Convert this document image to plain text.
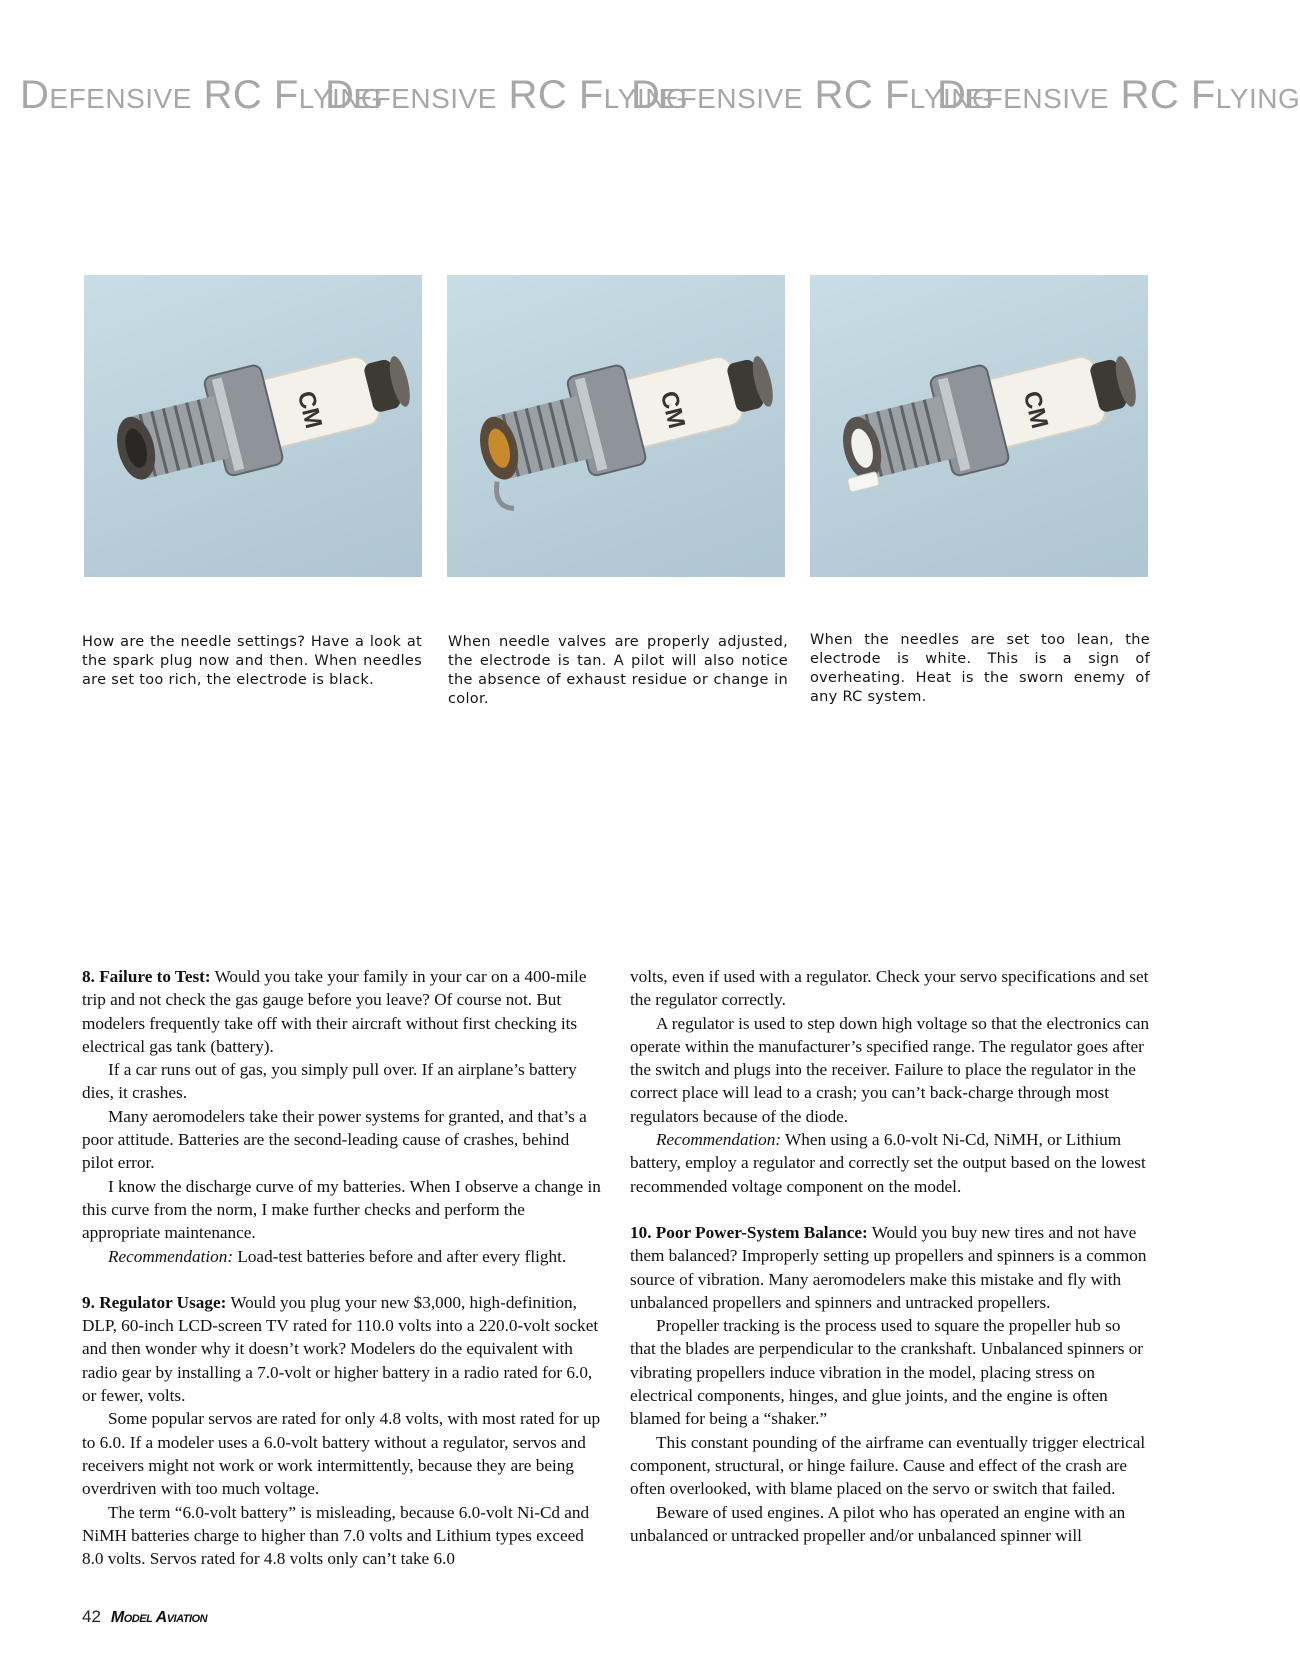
Defensive RC Flying
Defensive RC Flying
Defensive RC Flying
Defensive RC Flying
CM	CM	CM
How are the needle settings? Have a look at the spark plug now and then. When needles are set too rich, the electrode is black.
When needle valves are properly adjusted, the electrode is tan. A pilot will also notice the absence of exhaust residue or change in color.
When the needles are set too lean, the electrode is white. This is a sign of overheating. Heat is the sworn enemy of any RC system.

8. Failure to Test: Would you take your family in your car on a 400-mile trip and not check the gas gauge before you leave? Of course not. But modelers frequently take off with their aircraft without first checking its electrical gas tank (battery).

If a car runs out of gas, you simply pull over. If an airplane’s battery dies, it crashes.

Many aeromodelers take their power systems for granted, and that’s a poor attitude. Batteries are the second-leading cause of crashes, behind pilot error.

I know the discharge curve of my batteries. When I observe a change in this curve from the norm, I make further checks and perform the appropriate maintenance.

Recommendation: Load-test batteries before and after every flight.

9. Regulator Usage: Would you plug your new $3,000, high-definition, DLP, 60-inch LCD-screen TV rated for 110.0 volts into a 220.0-volt socket and then wonder why it doesn’t work? Modelers do the equivalent with radio gear by installing a 7.0-volt or higher battery in a radio rated for 6.0, or fewer, volts.

Some popular servos are rated for only 4.8 volts, with most rated for up to 6.0. If a modeler uses a 6.0-volt battery without a regulator, servos and receivers might not work or work intermittently, because they are being overdriven with too much voltage.

The term “6.0-volt battery” is misleading, because 6.0-volt Ni-Cd and NiMH batteries charge to higher than 7.0 volts and Lithium types exceed 8.0 volts. Servos rated for 4.8 volts only can’t take 6.0

volts, even if used with a regulator. Check your servo specifications and set the regulator correctly.

A regulator is used to step down high voltage so that the electronics can operate within the manufacturer’s specified range. The regulator goes after the switch and plugs into the receiver. Failure to place the regulator in the correct place will lead to a crash; you can’t back-charge through most regulators because of the diode.

Recommendation: When using a 6.0-volt Ni-Cd, NiMH, or Lithium battery, employ a regulator and correctly set the output based on the lowest recommended voltage component on the model.

10. Poor Power-System Balance: Would you buy new tires and not have them balanced? Improperly setting up propellers and spinners is a common source of vibration. Many aeromodelers make this mistake and fly with unbalanced propellers and spinners and untracked propellers.

Propeller tracking is the process used to square the propeller hub so that the blades are perpendicular to the crankshaft. Unbalanced spinners or vibrating propellers induce vibration in the model, placing stress on electrical components, hinges, and glue joints, and the engine is often blamed for being a “shaker.”

This constant pounding of the airframe can eventually trigger electrical component, structural, or hinge failure. Cause and effect of the crash are often overlooked, with blame placed on the servo or switch that failed.

Beware of used engines. A pilot who has operated an engine with an unbalanced or untracked propeller and/or unbalanced spinner will

42 Model Aviation
